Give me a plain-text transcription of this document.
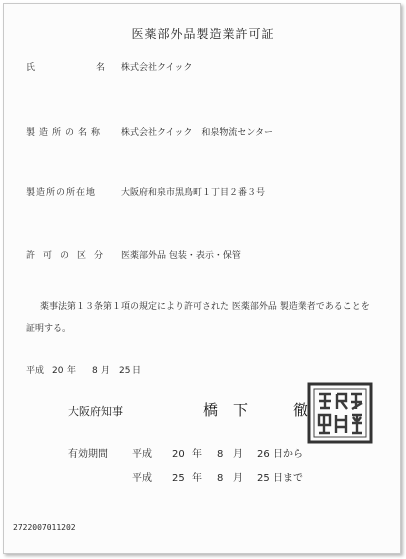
医薬部外品製造業許可証
氏	名 株式会社クイック
製造所の名称 株式会社クイック　和泉物流センター
製造所の所在地	大阪府和泉市黒鳥町１丁目２番３号
許可の区分 医薬部外品 包装・表示・保管
薬事法第１３条第１項の規定により許可された 医薬部外品 製造業者であることを
証明する。
平成 20 年 8 月 25 日
大阪府知事	橋 下 徹
有効期間 平成 20 年 8 月 26 日から
平成 25 年 8 月 25 日まで
2722007011202
